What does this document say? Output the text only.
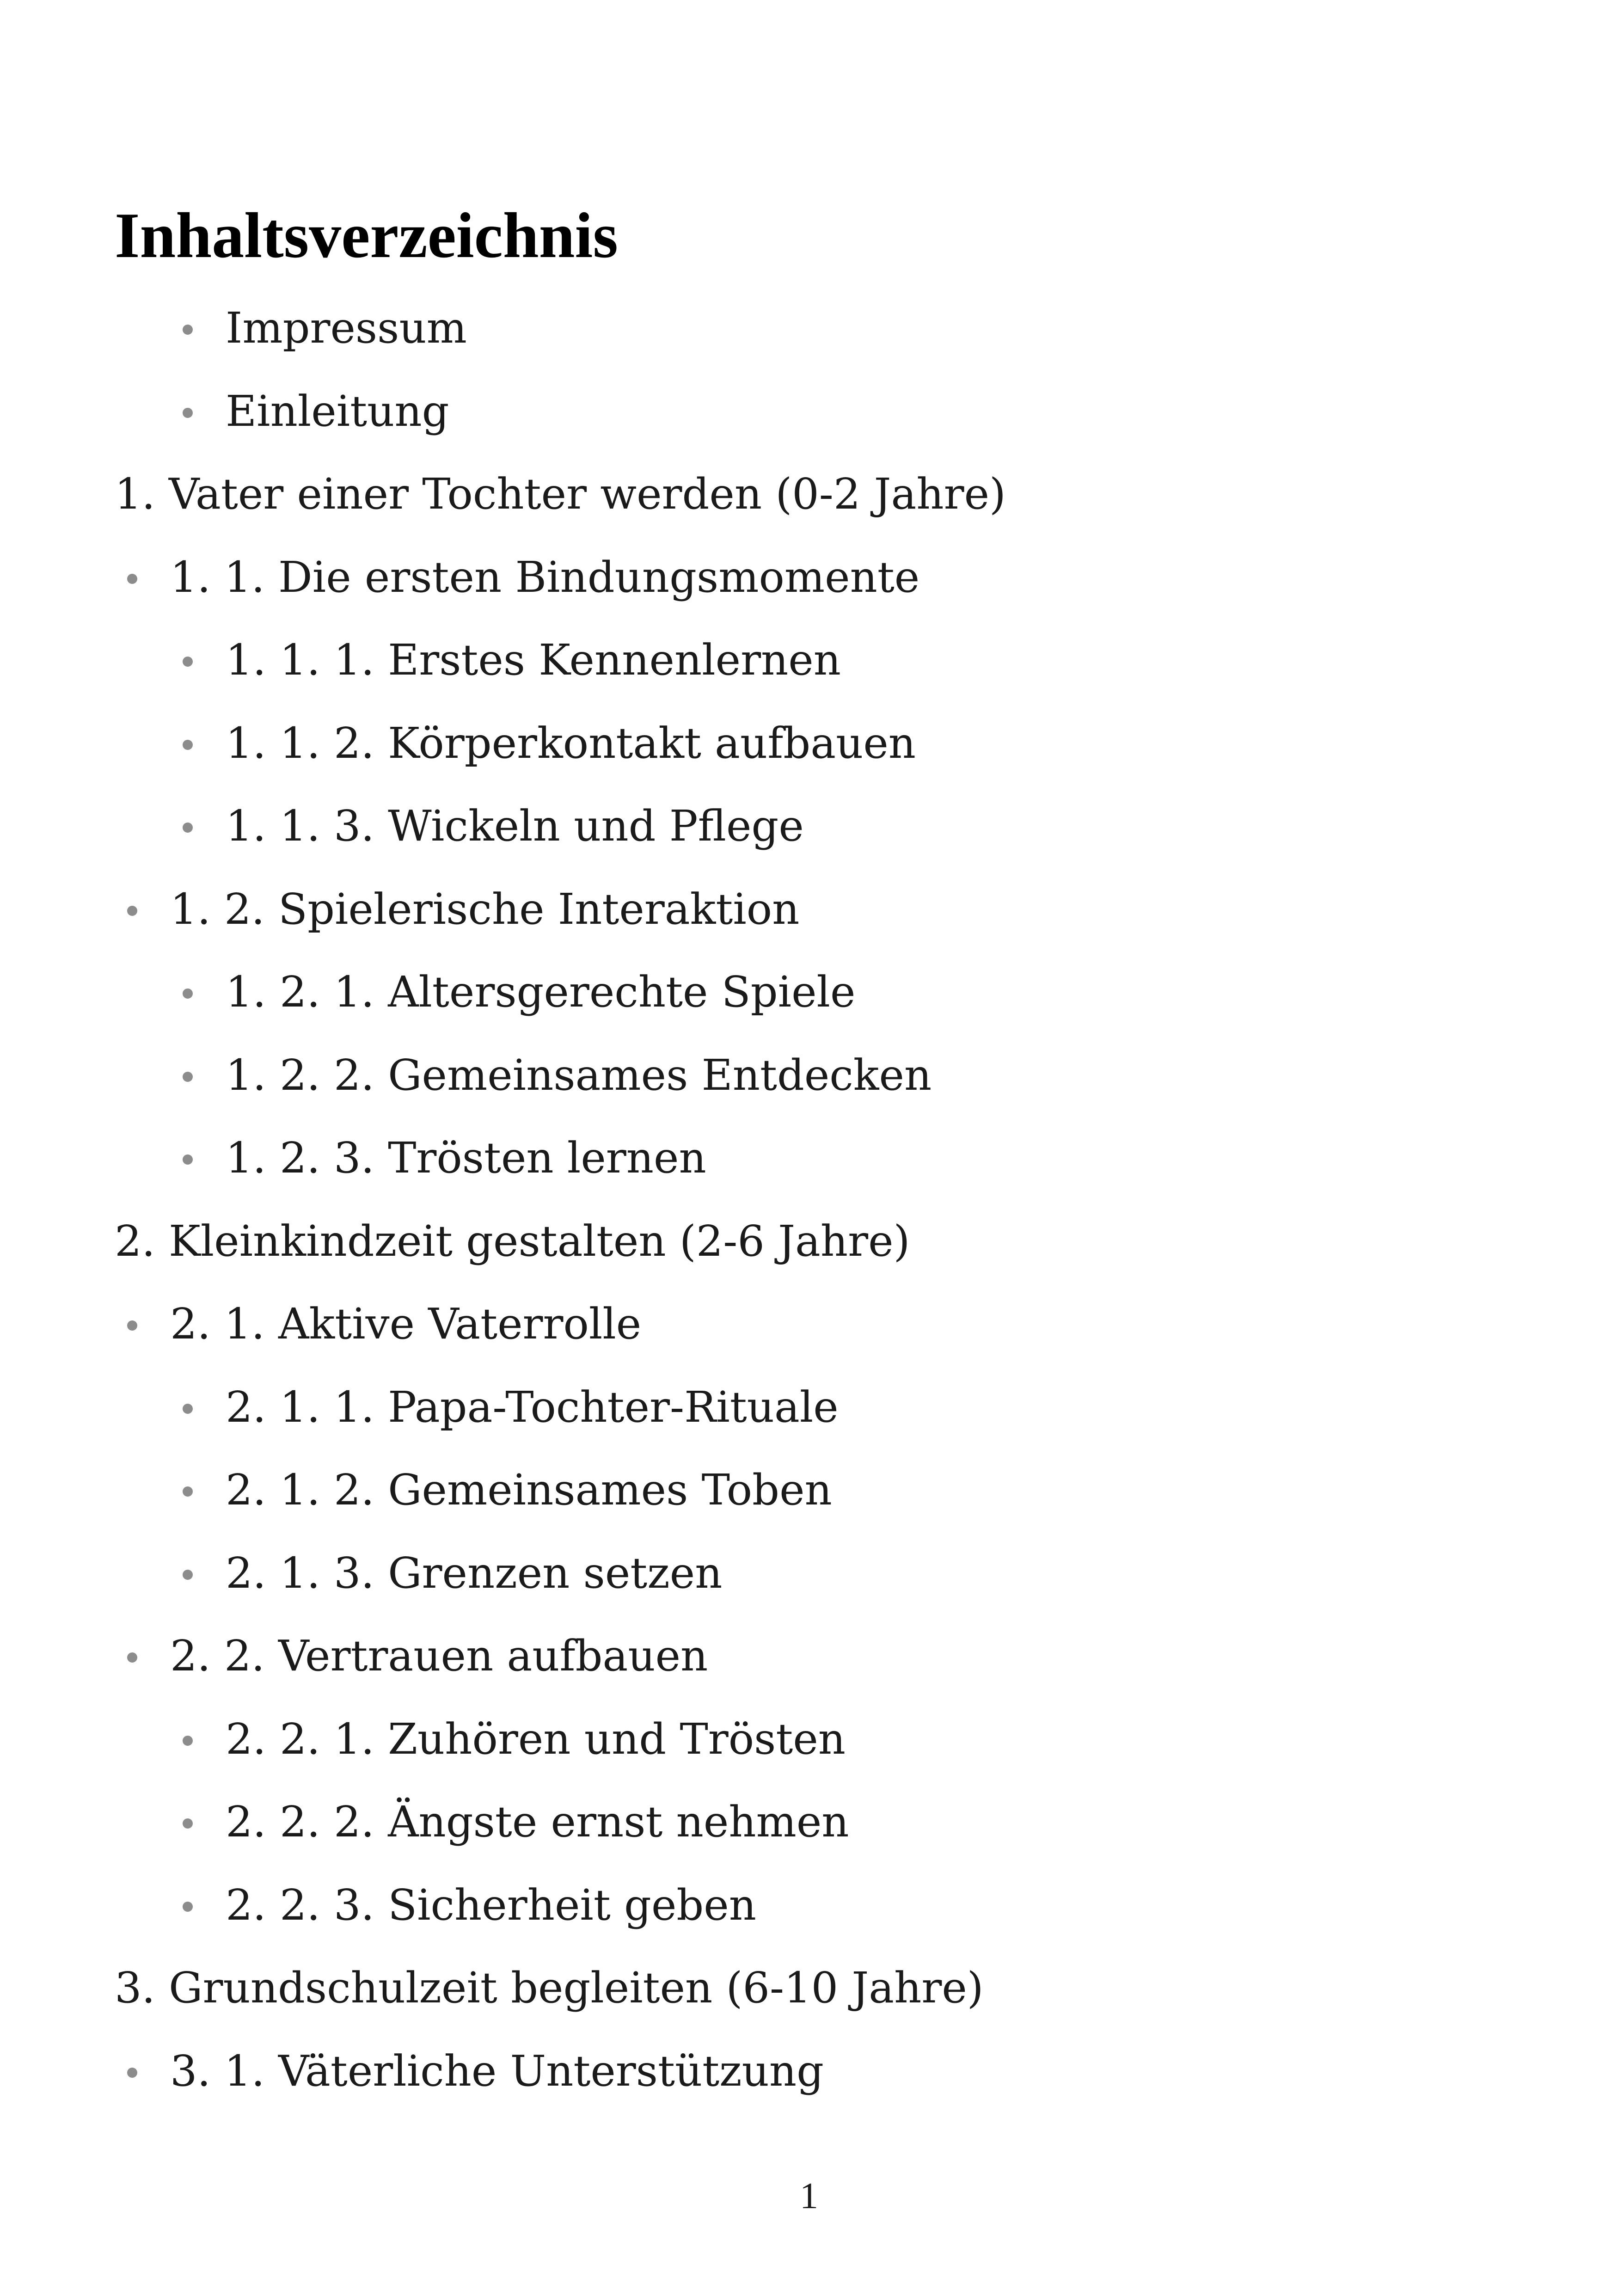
Inhaltsverzeichnis
Impressum
Einleitung
1. Vater einer Tochter werden (0-2 Jahre)
1. 1. Die ersten Bindungsmomente
1. 1. 1. Erstes Kennenlernen
1. 1. 2. Körperkontakt aufbauen
1. 1. 3. Wickeln und Pflege
1. 2. Spielerische Interaktion
1. 2. 1. Altersgerechte Spiele
1. 2. 2. Gemeinsames Entdecken
1. 2. 3. Trösten lernen
2. Kleinkindzeit gestalten (2-6 Jahre)
2. 1. Aktive Vaterrolle
2. 1. 1. Papa-Tochter-Rituale
2. 1. 2. Gemeinsames Toben
2. 1. 3. Grenzen setzen
2. 2. Vertrauen aufbauen
2. 2. 1. Zuhören und Trösten
2. 2. 2. Ängste ernst nehmen
2. 2. 3. Sicherheit geben
3. Grundschulzeit begleiten (6-10 Jahre)
3. 1. Väterliche Unterstützung
1
